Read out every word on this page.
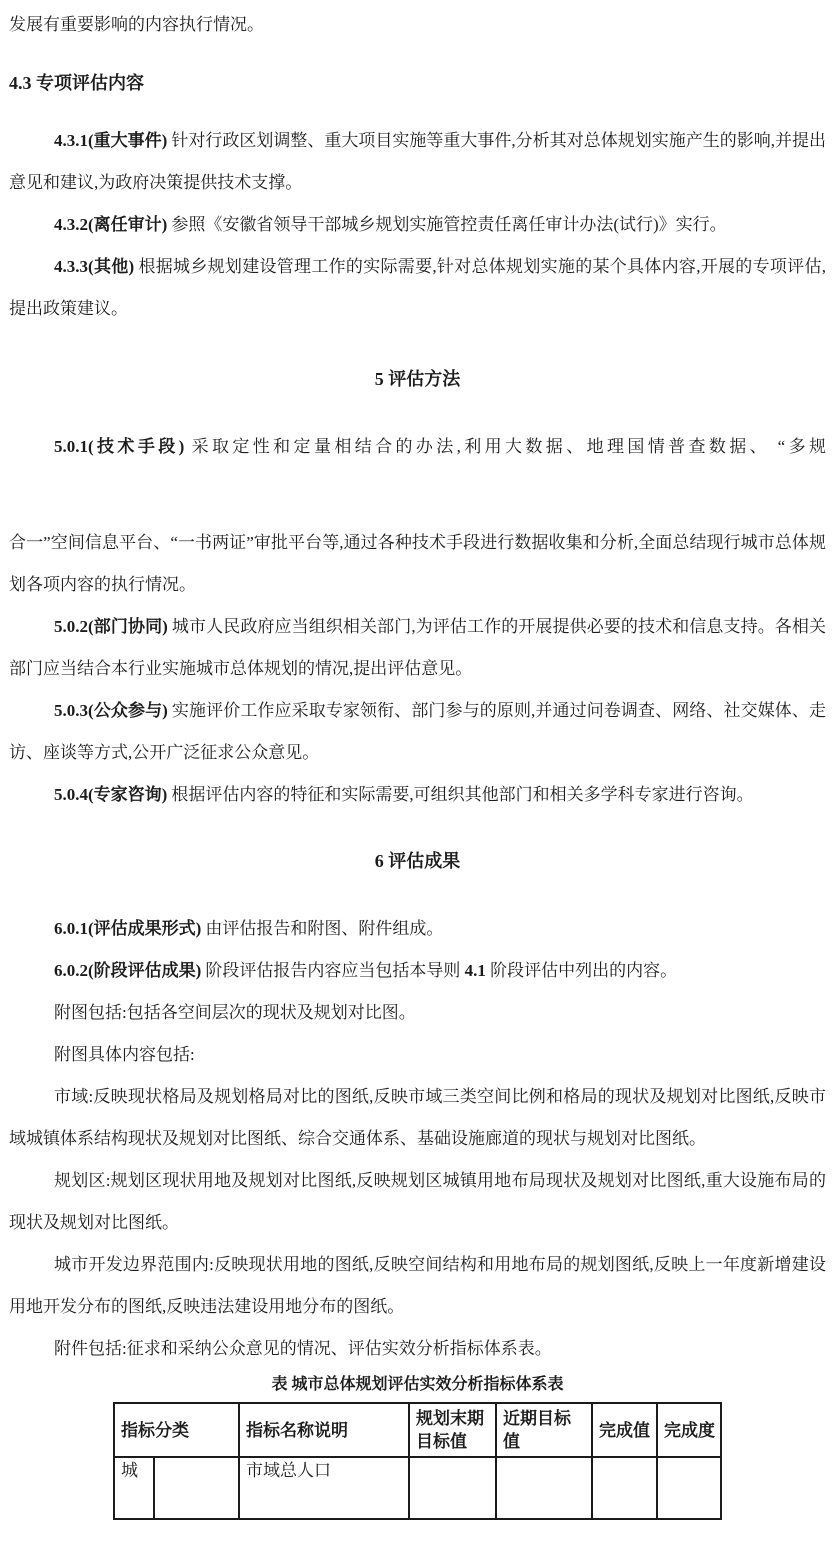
发展有重要影响的内容执行情况。

4.3 专项评估内容

4.3.1(重大事件) 针对行政区划调整、重大项目实施等重大事件,分析其对总体规划实施产生的影响,并提出意见和建议,为政府决策提供技术支撑。

4.3.2(离任审计) 参照《安徽省领导干部城乡规划实施管控责任离任审计办法(试行)》实行。

4.3.3(其他) 根据城乡规划建设管理工作的实际需要,针对总体规划实施的某个具体内容,开展的专项评估,提出政策建议。

5 评估方法

5.0.1(技术手段) 采取定性和定量相结合的办法,利用大数据、地理国情普查数据、 “多规

合一”空间信息平台、“一书两证”审批平台等,通过各种技术手段进行数据收集和分析,全面总结现行城市总体规划各项内容的执行情况。

5.0.2(部门协同) 城市人民政府应当组织相关部门,为评估工作的开展提供必要的技术和信息支持。各相关部门应当结合本行业实施城市总体规划的情况,提出评估意见。

5.0.3(公众参与) 实施评价工作应采取专家领衔、部门参与的原则,并通过问卷调查、网络、社交媒体、走访、座谈等方式,公开广泛征求公众意见。

5.0.4(专家咨询) 根据评估内容的特征和实际需要,可组织其他部门和相关多学科专家进行咨询。

6 评估成果

6.0.1(评估成果形式) 由评估报告和附图、附件组成。

6.0.2(阶段评估成果) 阶段评估报告内容应当包括本导则 4.1 阶段评估中列出的内容。

附图包括:包括各空间层次的现状及规划对比图。

附图具体内容包括:

市域:反映现状格局及规划格局对比的图纸,反映市域三类空间比例和格局的现状及规划对比图纸,反映市域城镇体系结构现状及规划对比图纸、综合交通体系、基础设施廊道的现状与规划对比图纸。

规划区:规划区现状用地及规划对比图纸,反映规划区城镇用地布局现状及规划对比图纸,重大设施布局的现状及规划对比图纸。

城市开发边界范围内:反映现状用地的图纸,反映空间结构和用地布局的规划图纸,反映上一年度新增建设用地开发分布的图纸,反映违法建设用地分布的图纸。

附件包括:征求和采纳公众意见的情况、评估实效分析指标体系表。

表 城市总体规划评估实效分析指标体系表

指标分类		指标名称说明	规划末期目标值	近期目标值	完成值	完成度
城		市域总人口				
